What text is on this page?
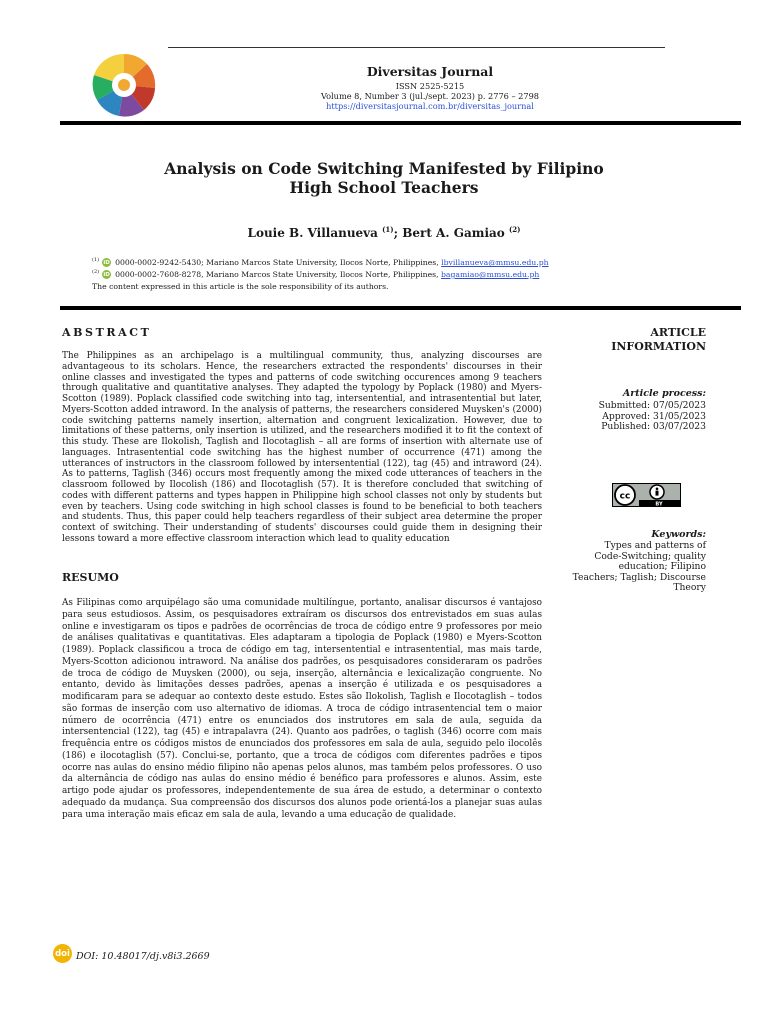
Diversitas Journal
ISSN 2525-5215
Volume 8, Number 3 (jul./sept. 2023) p. 2776 – 2798
https://diversitasjournal.com.br/diversitas_journal
Analysis on Code Switching Manifested by Filipino
High School Teachers
Louie B. Villanueva $^{(1)}$; Bert A. Gamiao $^{(2)}$
(1) iD 0000-0002-9242-5430; Mariano Marcos State University, Ilocos Norte, Philippines,
lbvillanueva@mmsu.edu.ph
(2) iD 0000-0002-7608-8278, Mariano Marcos State University, Ilocos Norte, Philippines,
bagamiao@mmsu.edu.ph
The content expressed in this article is the sole responsibility of its authors.
ABSTRACT
The Philippines as an archipelago is a multilingual community, thus, analyzing discourses are advantageous to its scholars. Hence, the researchers extracted the respondents' discourses in their online classes and investigated the types and patterns of code switching occurences among 9 teachers through qualitative and quantitative analyses. They adapted the typology by Poplack (1980) and Myers-Scotton (1989). Poplack classified code switching into tag, intersentential, and intrasentential but later, Myers-Scotton added intraword. In the analysis of patterns, the researchers considered Muysken's (2000) code switching patterns namely insertion, alternation and congruent lexicalization. However, due to limitations of these patterns, only insertion is utilized, and the researchers modified it to fit the context of this study. These are Ilokolish, Taglish and Ilocotaglish – all are forms of insertion with alternate use of languages. Intrasentential code switching has the highest number of occurrence (471) among the utterances of instructors in the classroom followed by intersentential (122), tag (45) and intraword (24). As to patterns, Taglish (346) occurs most frequently among the mixed code utterances of teachers in the classroom followed by Ilocolish (186) and Ilocotaglish (57). It is therefore concluded that switching of codes with different patterns and types happen in Philippine high school classes not only by students but even by teachers. Using code switching in high school classes is found to be beneficial to both teachers and students. Thus, this paper could help teachers regardless of their subject area determine the proper context of switching. Their understanding of students' discourses could guide them in designing their lessons toward a more effective classroom interaction which lead to quality education
RESUMO
As Filipinas como arquipélago são uma comunidade multilíngue, portanto, analisar discursos é vantajoso para seus estudiosos. Assim, os pesquisadores extraíram os discursos dos entrevistados em suas aulas online e investigaram os tipos e padrões de ocorrências de troca de código entre 9 professores por meio de análises qualitativas e quantitativas. Eles adaptaram a tipologia de Poplack (1980) e Myers-Scotton (1989). Poplack classificou a troca de código em tag, intersentential e intrasentential, mas mais tarde, Myers-Scotton adicionou intraword. Na análise dos padrões, os pesquisadores consideraram os padrões de troca de código de Muysken (2000), ou seja, inserção, alternância e lexicalização congruente. No entanto, devido às limitações desses padrões, apenas a inserção é utilizada e os pesquisadores a modificaram para se adequar ao contexto deste estudo. Estes são Ilokolish, Taglish e Ilocotaglish – todos são formas de inserção com uso alternativo de idiomas. A troca de código intrasentencial tem o maior número de ocorrência (471) entre os enunciados dos instrutores em sala de aula, seguida da intersentencial (122), tag (45) e intrapalavra (24). Quanto aos padrões, o taglish (346) ocorre com mais frequência entre os códigos mistos de enunciados dos professores em sala de aula, seguido pelo ilocolês (186) e ilocotaglish (57). Conclui-se, portanto, que a troca de códigos com diferentes padrões e tipos ocorre nas aulas do ensino médio filipino não apenas pelos alunos, mas também pelos professores. O uso da alternância de código nas aulas do ensino médio é benéfico para professores e alunos. Assim, este artigo pode ajudar os professores, independentemente de sua área de estudo, a determinar o contexto adequado da mudança. Sua compreensão dos discursos dos alunos pode orientá-los a planejar suas aulas para uma interação mais eficaz em sala de aula, levando a uma educação de qualidade.
ARTICLE
INFORMATION
Article process:
Submitted: 07/05/2023
Approved: 31/05/2023
Published: 03/07/2023
cc
BY
Keywords:
Types and patterns of
Code-Switching; quality
education; Filipino
Teachers; Taglish; Discourse
Theory
doi DOI: 10.48017/dj.v8i3.2669
